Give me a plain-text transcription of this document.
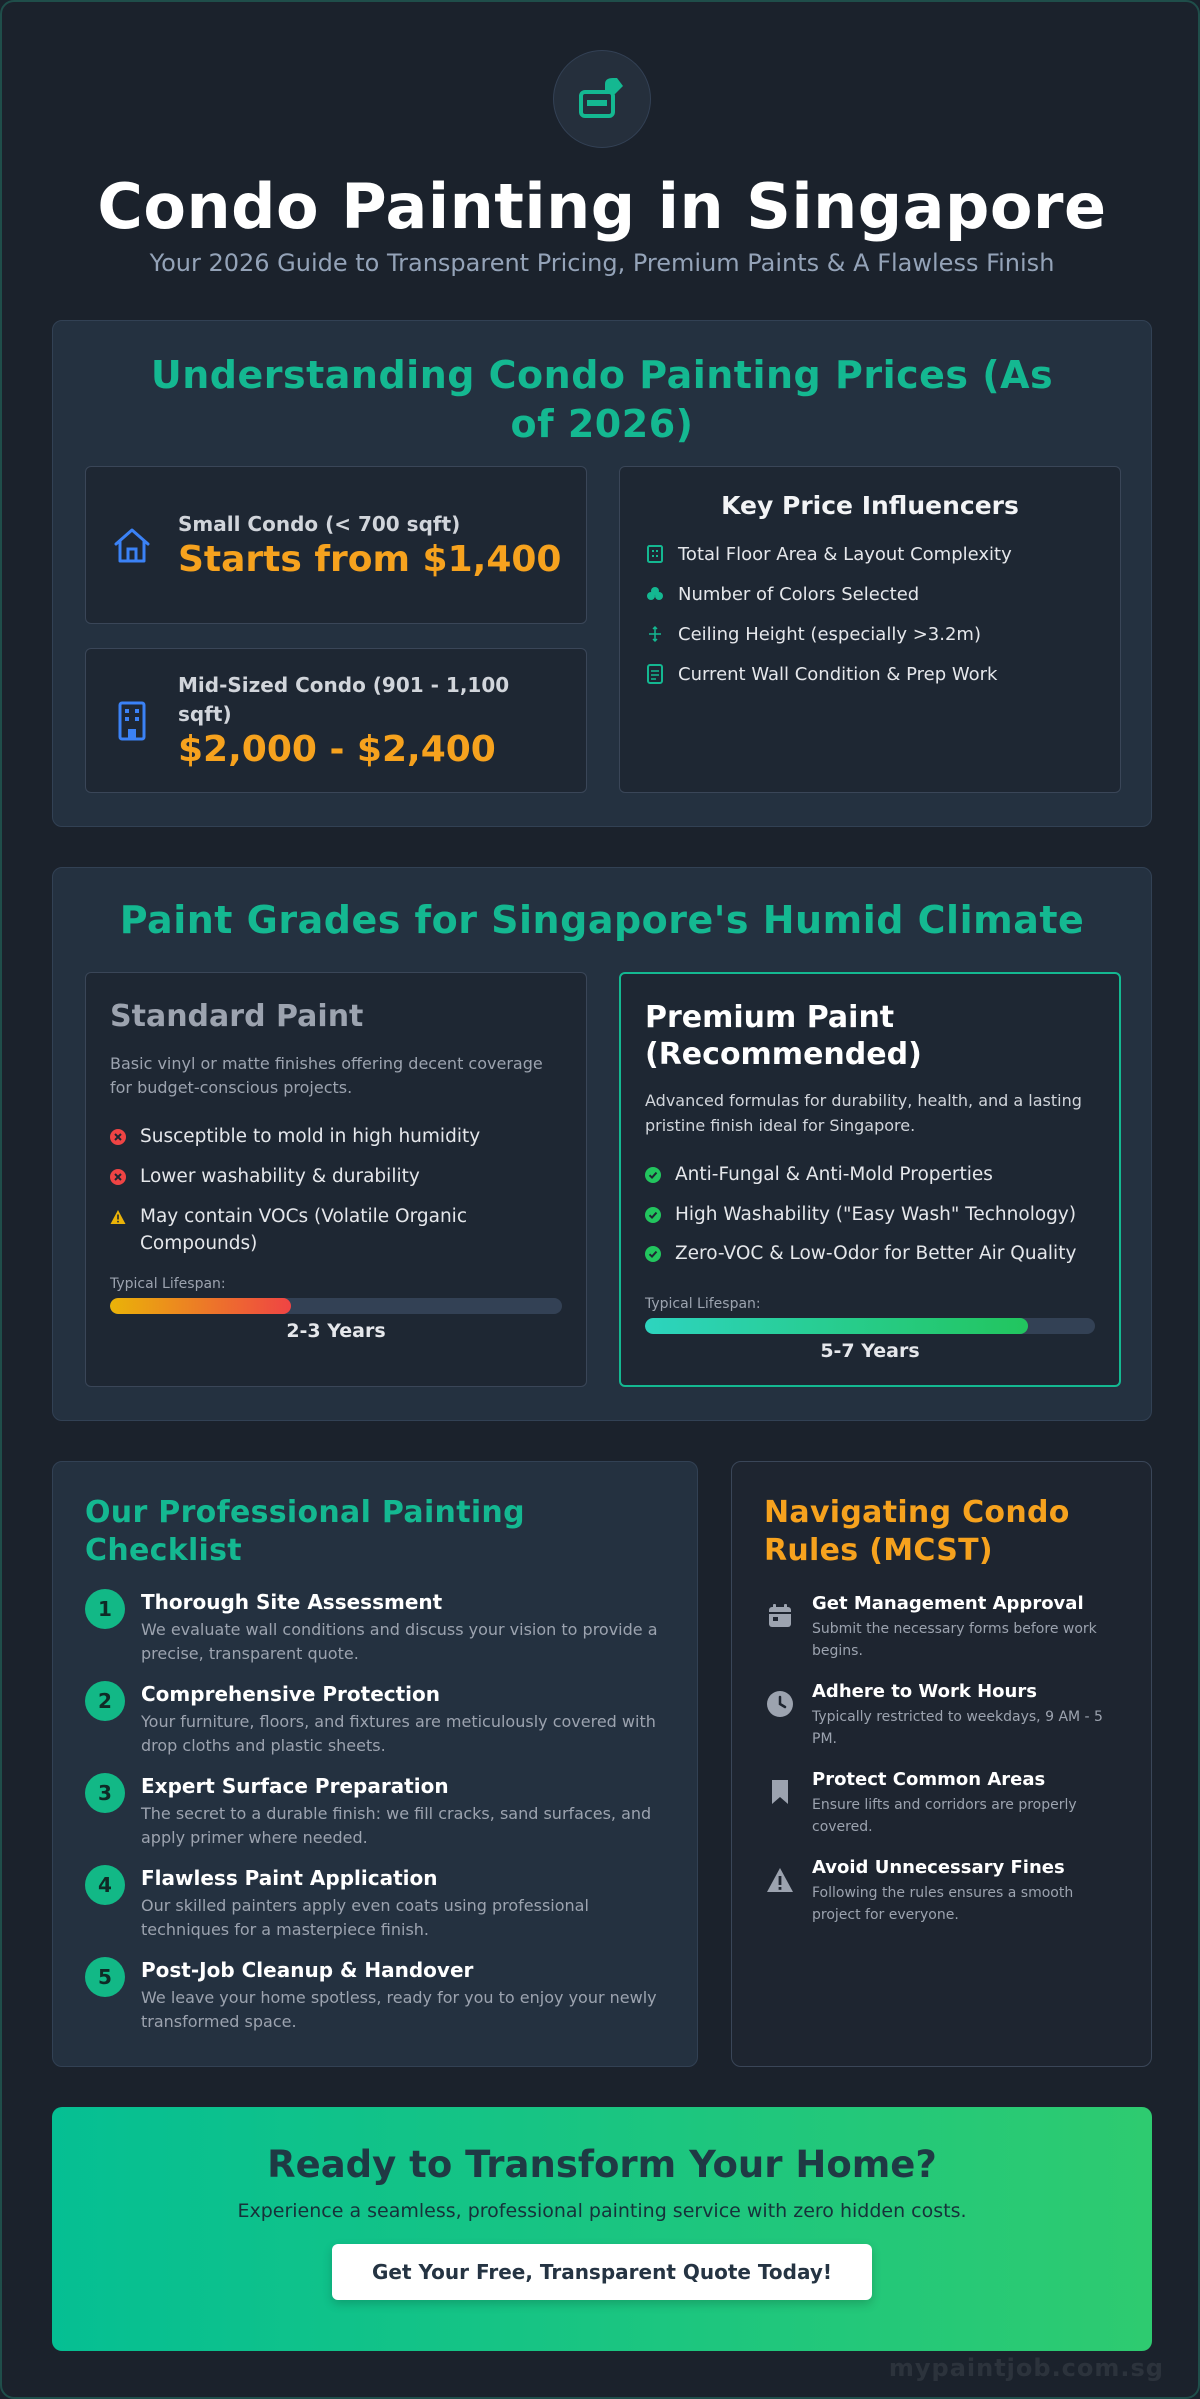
Condo Painting in Singapore
Your 2026 Guide to Transparent Pricing, Premium Paints & A Flawless Finish
Understanding Condo Painting Prices (As of 2026)
Small Condo (< 700 sqft)
Starts from $1,400
Mid-Sized Condo (901 - 1,100 sqft)
$2,000 - $2,400
Key Price Influencers
Total Floor Area & Layout Complexity
Number of Colors Selected
Ceiling Height (especially >3.2m)
Current Wall Condition & Prep Work
Paint Grades for Singapore's Humid Climate
Standard Paint
Basic vinyl or matte finishes offering decent coverage for budget-conscious projects.
Susceptible to mold in high humidity
Lower washability & durability
May contain VOCs (Volatile Organic Compounds)
Typical Lifespan:
2-3 Years
Premium Paint (Recommended)
Advanced formulas for durability, health, and a lasting pristine finish ideal for Singapore.
Anti-Fungal & Anti-Mold Properties
High Washability ("Easy Wash" Technology)
Zero-VOC & Low-Odor for Better Air Quality
Typical Lifespan:
5-7 Years
Our Professional Painting Checklist
1	Thorough Site Assessment
We evaluate wall conditions and discuss your vision to provide a precise, transparent quote.
2	Comprehensive Protection
Your furniture, floors, and fixtures are meticulously covered with drop cloths and plastic sheets.
3	Expert Surface Preparation
The secret to a durable finish: we fill cracks, sand surfaces, and apply primer where needed.
4	Flawless Paint Application
Our skilled painters apply even coats using professional techniques for a masterpiece finish.
5	Post-Job Cleanup & Handover
We leave your home spotless, ready for you to enjoy your newly transformed space.
Navigating Condo Rules (MCST)
Get Management Approval
Submit the necessary forms before work begins.
Adhere to Work Hours
Typically restricted to weekdays, 9 AM - 5 PM.
Protect Common Areas
Ensure lifts and corridors are properly covered.
Avoid Unnecessary Fines
Following the rules ensures a smooth project for everyone.
Ready to Transform Your Home?

Experience a seamless, professional painting service with zero hidden costs.

Get Your Free, Transparent Quote Today!
mypaintjob.com.sg
